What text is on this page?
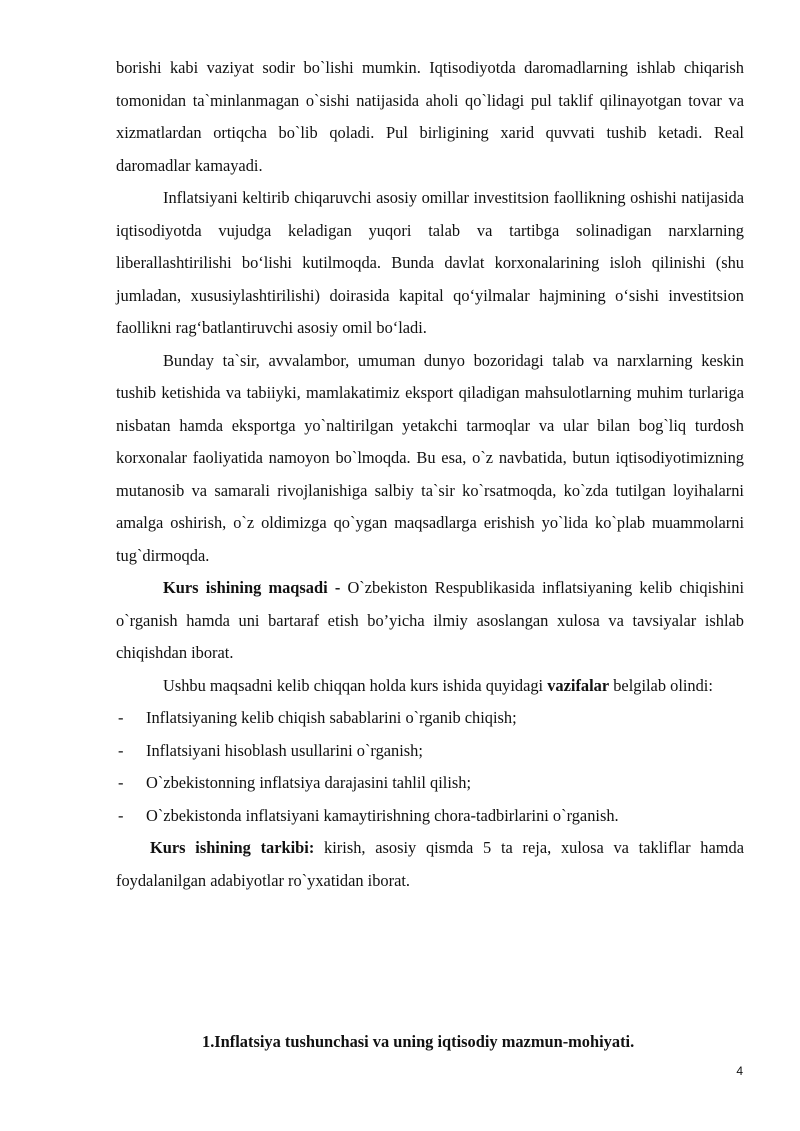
borishi kabi vaziyat sodir bo`lishi mumkin. Iqtisodiyotda daromadlarning ishlab chiqarish tomonidan ta`minlanmagan o`sishi natijasida aholi qo`lidagi pul taklif qilinayotgan tovar va xizmatlardan ortiqcha bo`lib qoladi. Pul birligining xarid quvvati tushib ketadi. Real daromadlar kamayadi.

Inflatsiyani keltirib chiqaruvchi asosiy omillar investitsion faollikning oshishi natijasida iqtisodiyotda vujudga keladigan yuqori talab va tartibga solinadigan narxlarning liberallashtirilishi bo‘lishi kutilmoqda. Bunda davlat korxonalarining isloh qilinishi (shu jumladan, xususiylashtirilishi) doirasida kapital qo‘yilmalar hajmining o‘sishi investitsion faollikni rag‘batlantiruvchi asosiy omil bo‘ladi.

Bunday ta`sir, avvalambor, umuman dunyo bozoridagi talab va narxlarning keskin tushib ketishida va tabiiyki, mamlakatimiz eksport qiladigan mahsulotlarning muhim turlariga nisbatan hamda eksportga yo`naltirilgan yetakchi tarmoqlar va ular bilan bog`liq turdosh korxonalar faoliyatida namoyon bo`lmoqda. Bu esa, o`z navbatida, butun iqtisodiyotimizning mutanosib va samarali rivojlanishiga salbiy ta`sir ko`rsatmoqda, ko`zda tutilgan loyihalarni amalga oshirish, o`z oldimizga qo`ygan maqsadlarga erishish yo`lida ko`plab muammolarni tug`dirmoqda.

Kurs ishining maqsadi - O`zbekiston Respublikasida inflatsiyaning kelib chiqishini o`rganish hamda uni bartaraf etish bo’yicha ilmiy asoslangan xulosa va tavsiyalar ishlab chiqishdan iborat.

Ushbu maqsadni kelib chiqqan holda kurs ishida quyidagi vazifalar belgilab olindi:

- Inflatsiyaning kelib chiqish sabablarini o`rganib chiqish;
- Inflatsiyani hisoblash usullarini o`rganish;
- O`zbekistonning inflatsiya darajasini tahlil qilish;
- O`zbekistonda inflatsiyani kamaytirishning chora-tadbirlarini o`rganish.

Kurs ishining tarkibi: kirish, asosiy qismda 5 ta reja, xulosa va takliflar hamda foydalanilgan adabiyotlar ro`yxatidan iborat.

1.Inflatsiya tushunchasi va uning iqtisodiy mazmun-mohiyati.
4
